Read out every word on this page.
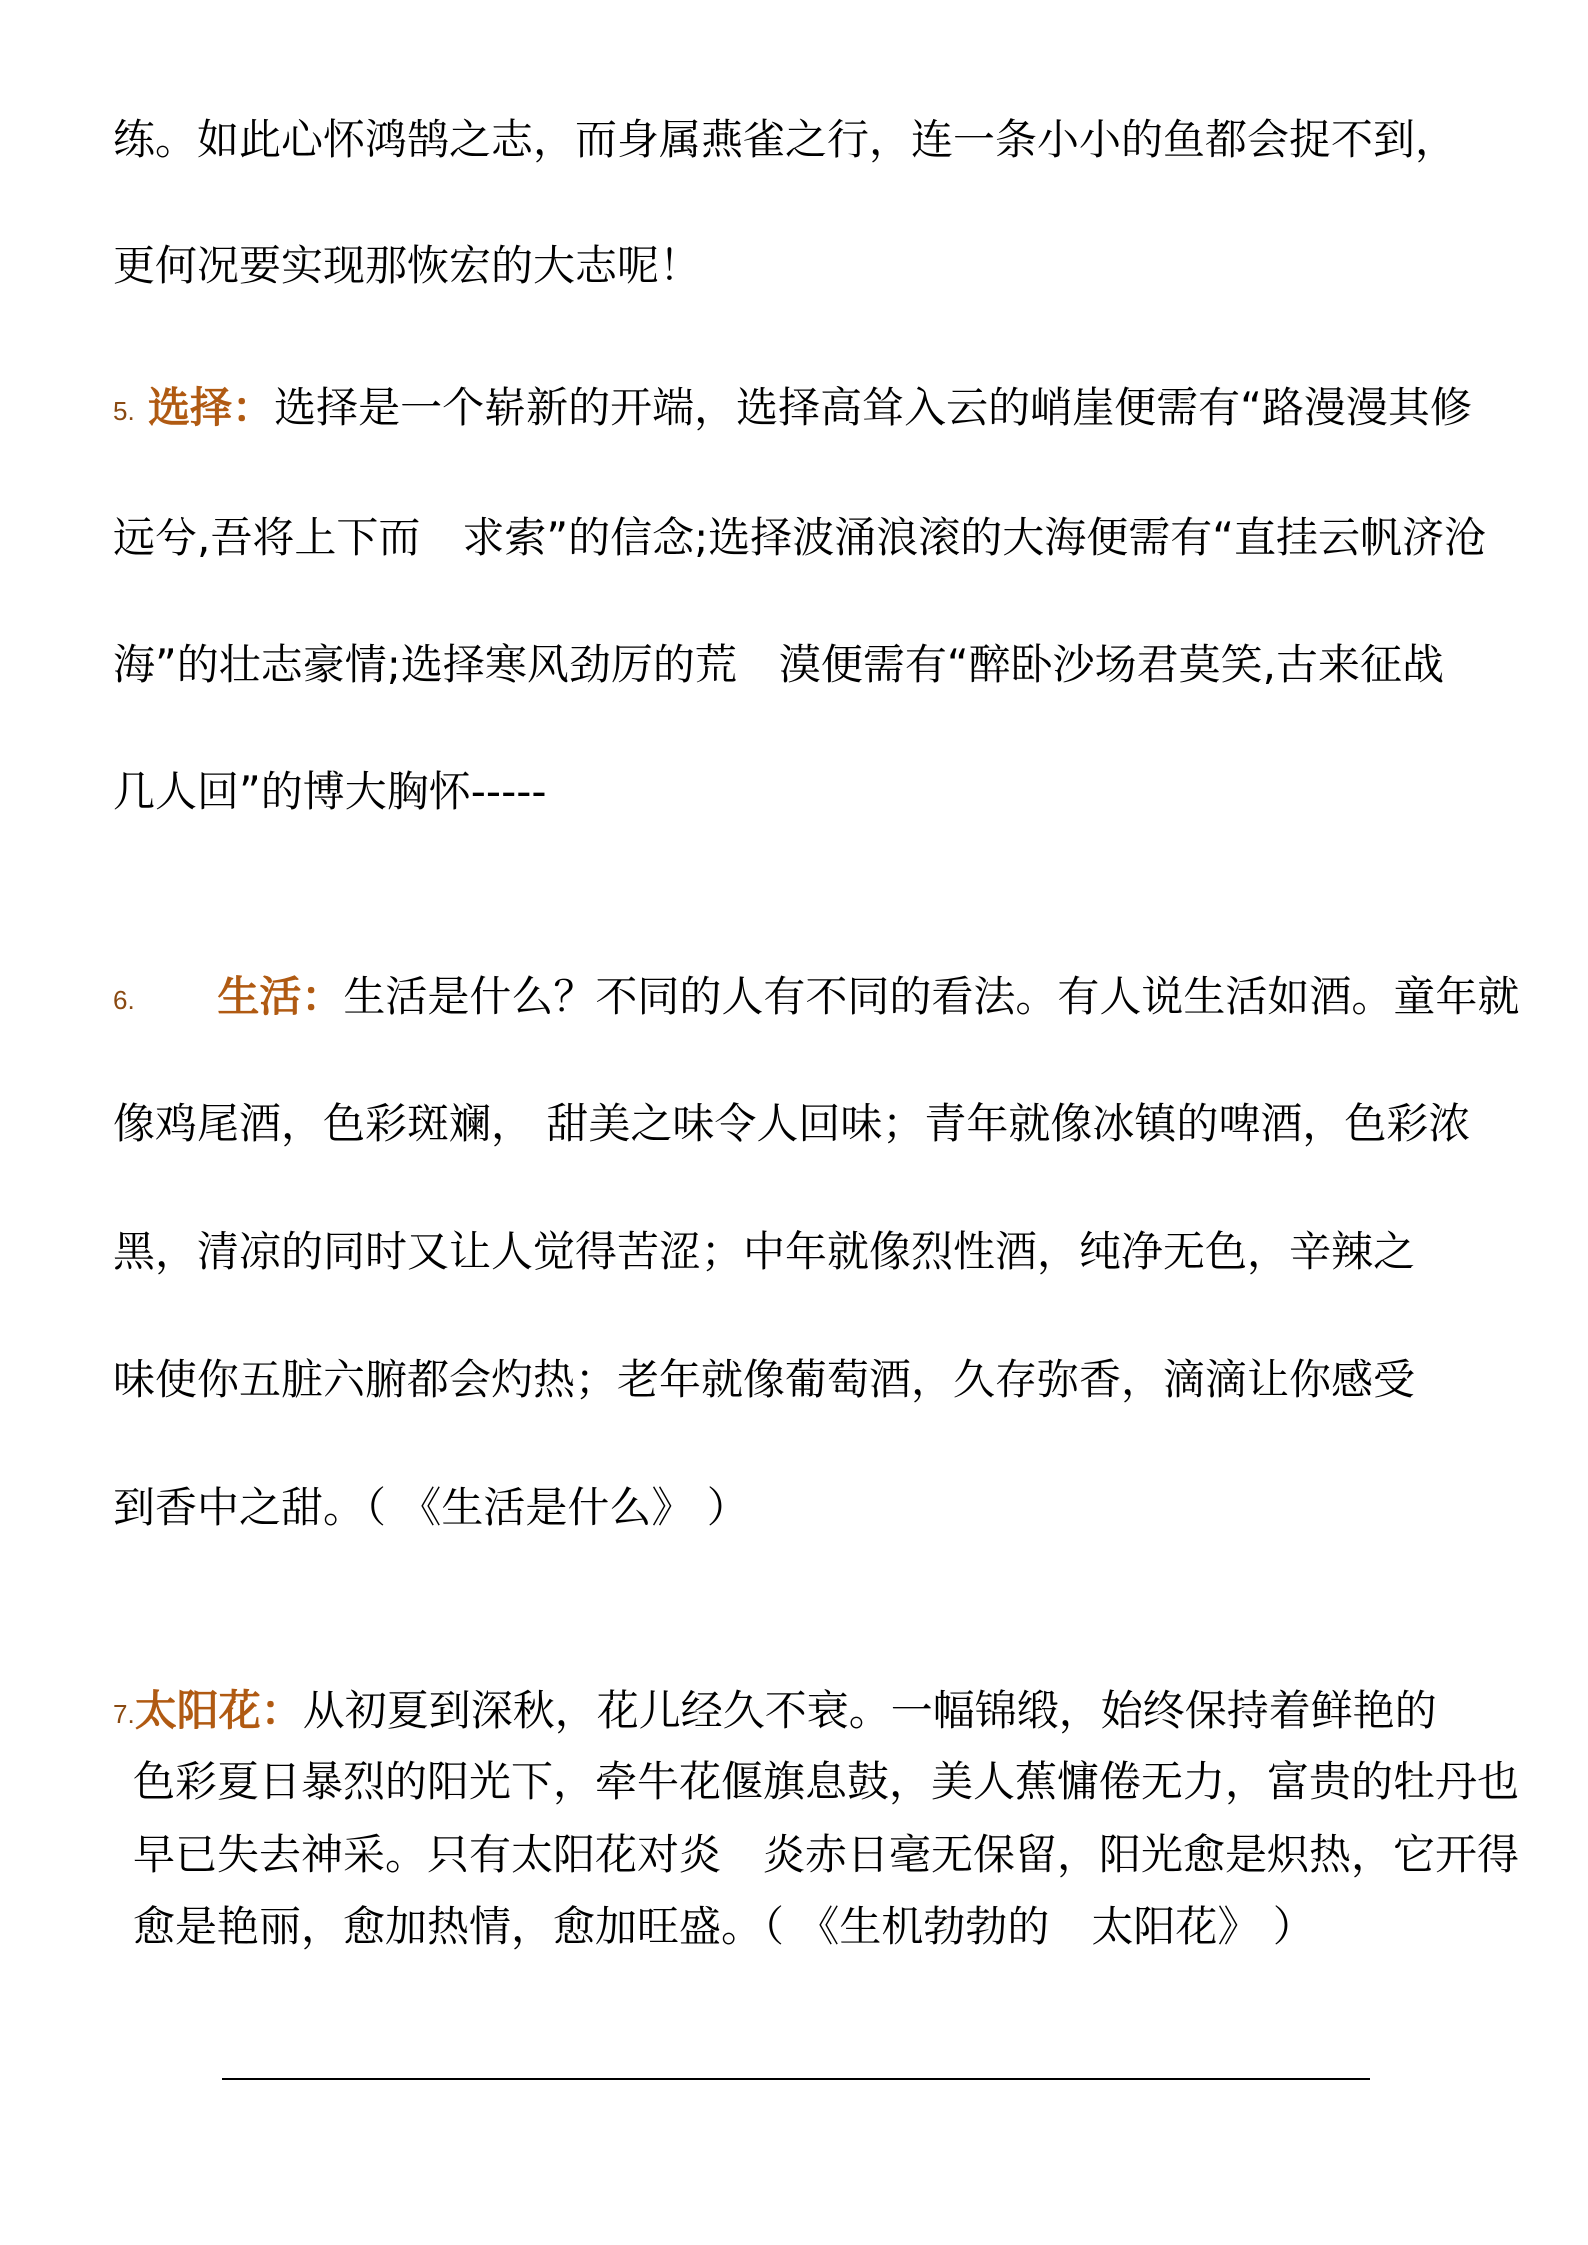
练。如此心怀鸿鹄之志，而身属燕雀之行，连一条小小的鱼都会捉不到，
更何况要实现那恢宏的大志呢！
5. 选择：选择是一个崭新的开端，选择高耸入云的峭崖便需有“路漫漫其修
远兮,吾将上下而　求索”的信念;选择波涌浪滚的大海便需有“直挂云帆济沧
海”的壮志豪情;选择寒风劲厉的荒　漠便需有“醉卧沙场君莫笑,古来征战
几人回”的博大胸怀-----
6. 生活：生活是什么？不同的人有不同的看法。有人说生活如酒。童年就
像鸡尾酒，色彩斑斓， 甜美之味令人回味；青年就像冰镇的啤酒，色彩浓
黑，清凉的同时又让人觉得苦涩；中年就像烈性酒，纯净无色，辛辣之
味使你五脏六腑都会灼热；老年就像葡萄酒，久存弥香，滴滴让你感受
到香中之甜。（ 《生活是什么》 ）
7.太阳花：从初夏到深秋，花儿经久不衰。一幅锦缎，始终保持着鲜艳的
色彩夏日暴烈的阳光下，牵牛花偃旗息鼓，美人蕉慵倦无力，富贵的牡丹也
早已失去神采。只有太阳花对炎　炎赤日毫无保留，阳光愈是炽热，它开得
愈是艳丽，愈加热情，愈加旺盛。（ 《生机勃勃的　太阳花》 ）
